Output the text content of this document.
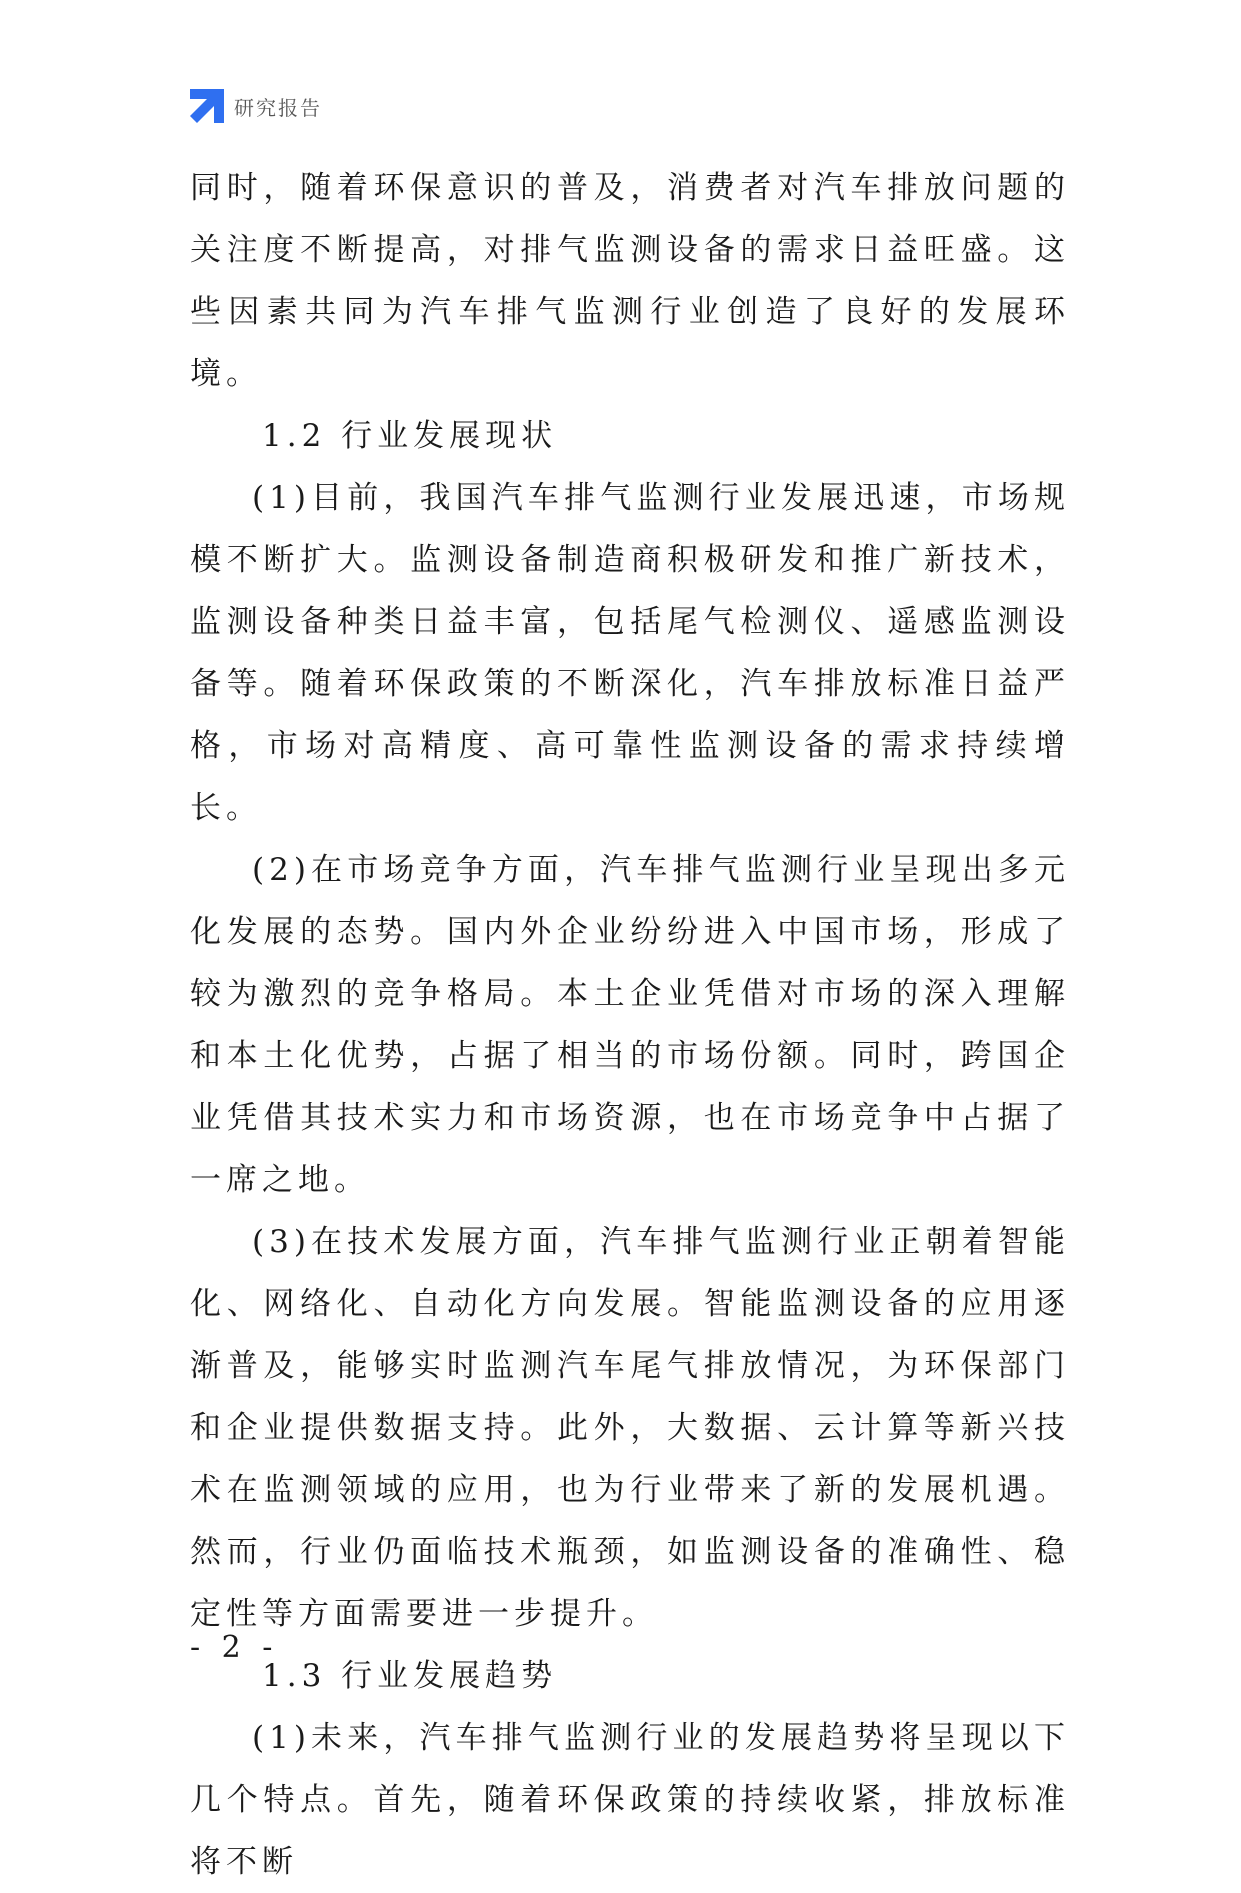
研究报告

同时，随着环保意识的普及，消费者对汽车排放问题的关注度不断提高，对排气监测设备的需求日益旺盛。这些因素共同为汽车排气监测行业创造了良好的发展环境。

1.2 行业发展现状

(1)目前，我国汽车排气监测行业发展迅速，市场规模不断扩大。监测设备制造商积极研发和推广新技术，监测设备种类日益丰富，包括尾气检测仪、遥感监测设备等。随着环保政策的不断深化，汽车排放标准日益严格，市场对高精度、高可靠性监测设备的需求持续增长。

(2)在市场竞争方面，汽车排气监测行业呈现出多元化发展的态势。国内外企业纷纷进入中国市场，形成了较为激烈的竞争格局。本土企业凭借对市场的深入理解和本土化优势，占据了相当的市场份额。同时，跨国企业凭借其技术实力和市场资源，也在市场竞争中占据了一席之地。

(3)在技术发展方面，汽车排气监测行业正朝着智能化、网络化、自动化方向发展。智能监测设备的应用逐渐普及，能够实时监测汽车尾气排放情况，为环保部门和企业提供数据支持。此外，大数据、云计算等新兴技术在监测领域的应用，也为行业带来了新的发展机遇。然而，行业仍面临技术瓶颈，如监测设备的准确性、稳定性等方面需要进一步提升。

1.3 行业发展趋势

(1)未来，汽车排气监测行业的发展趋势将呈现以下几个特点。首先，随着环保政策的持续收紧，排放标准将不断

- 2 -
